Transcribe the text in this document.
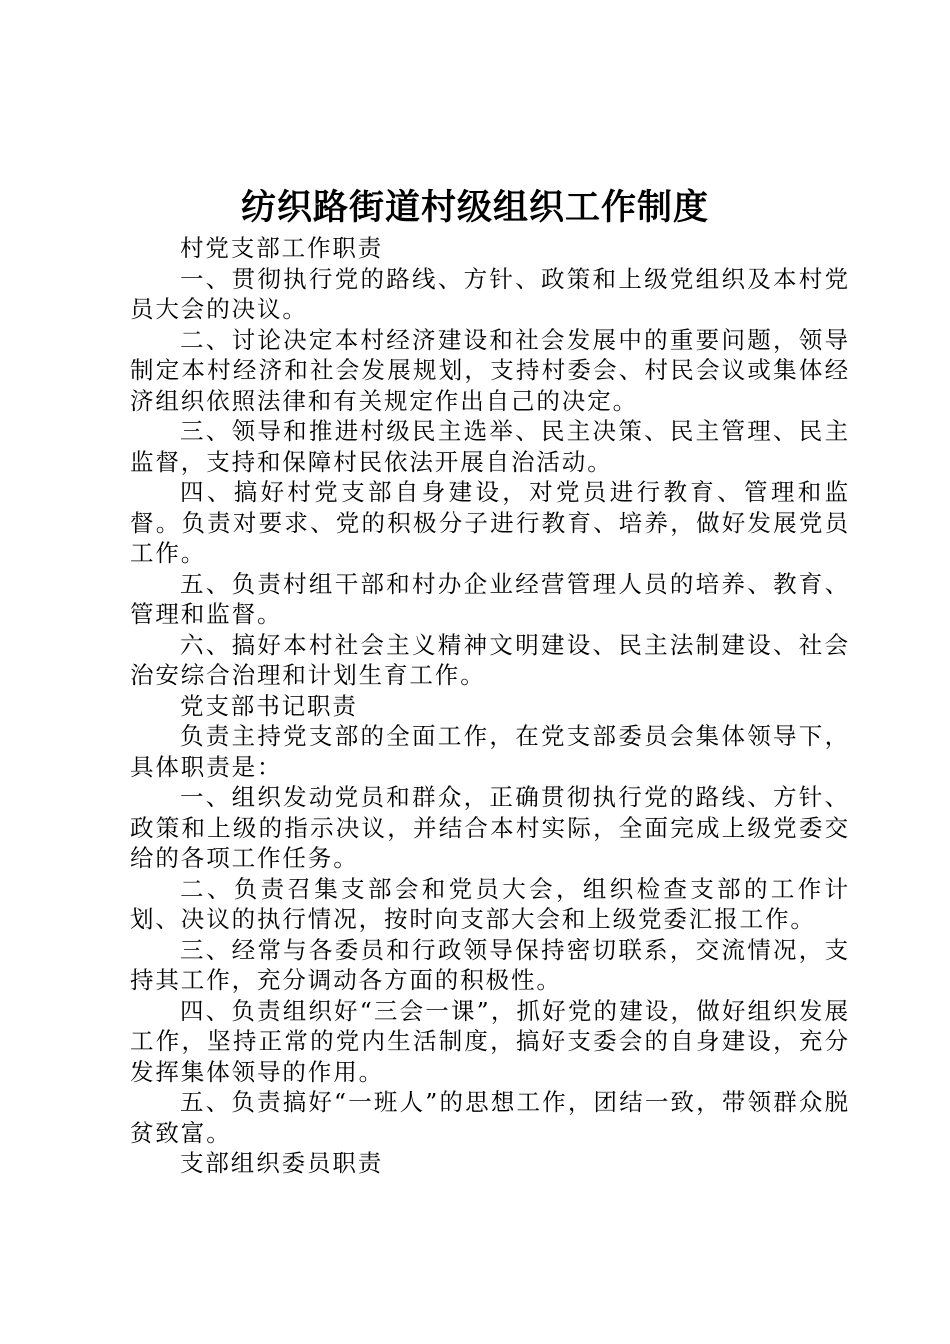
纺织路街道村级组织工作制度

村党支部工作职责

一、贯彻执行党的路线、方针、政策和上级党组织及本村党员大会的决议。

二、讨论决定本村经济建设和社会发展中的重要问题，领导制定本村经济和社会发展规划，支持村委会、村民会议或集体经济组织依照法律和有关规定作出自己的决定。

三、领导和推进村级民主选举、民主决策、民主管理、民主监督，支持和保障村民依法开展自治活动。

四、搞好村党支部自身建设，对党员进行教育、管理和监督。负责对要求、党的积极分子进行教育、培养，做好发展党员工作。

五、负责村组干部和村办企业经营管理人员的培养、教育、管理和监督。

六、搞好本村社会主义精神文明建设、民主法制建设、社会治安综合治理和计划生育工作。

党支部书记职责

负责主持党支部的全面工作，在党支部委员会集体领导下，具体职责是：

一、组织发动党员和群众，正确贯彻执行党的路线、方针、政策和上级的指示决议，并结合本村实际，全面完成上级党委交给的各项工作任务。

二、负责召集支部会和党员大会，组织检查支部的工作计划、决议的执行情况，按时向支部大会和上级党委汇报工作。

三、经常与各委员和行政领导保持密切联系，交流情况，支持其工作，充分调动各方面的积极性。

四、负责组织好“三会一课”，抓好党的建设，做好组织发展工作，坚持正常的党内生活制度，搞好支委会的自身建设，充分发挥集体领导的作用。

五、负责搞好“一班人”的思想工作，团结一致，带领群众脱贫致富。

支部组织委员职责
